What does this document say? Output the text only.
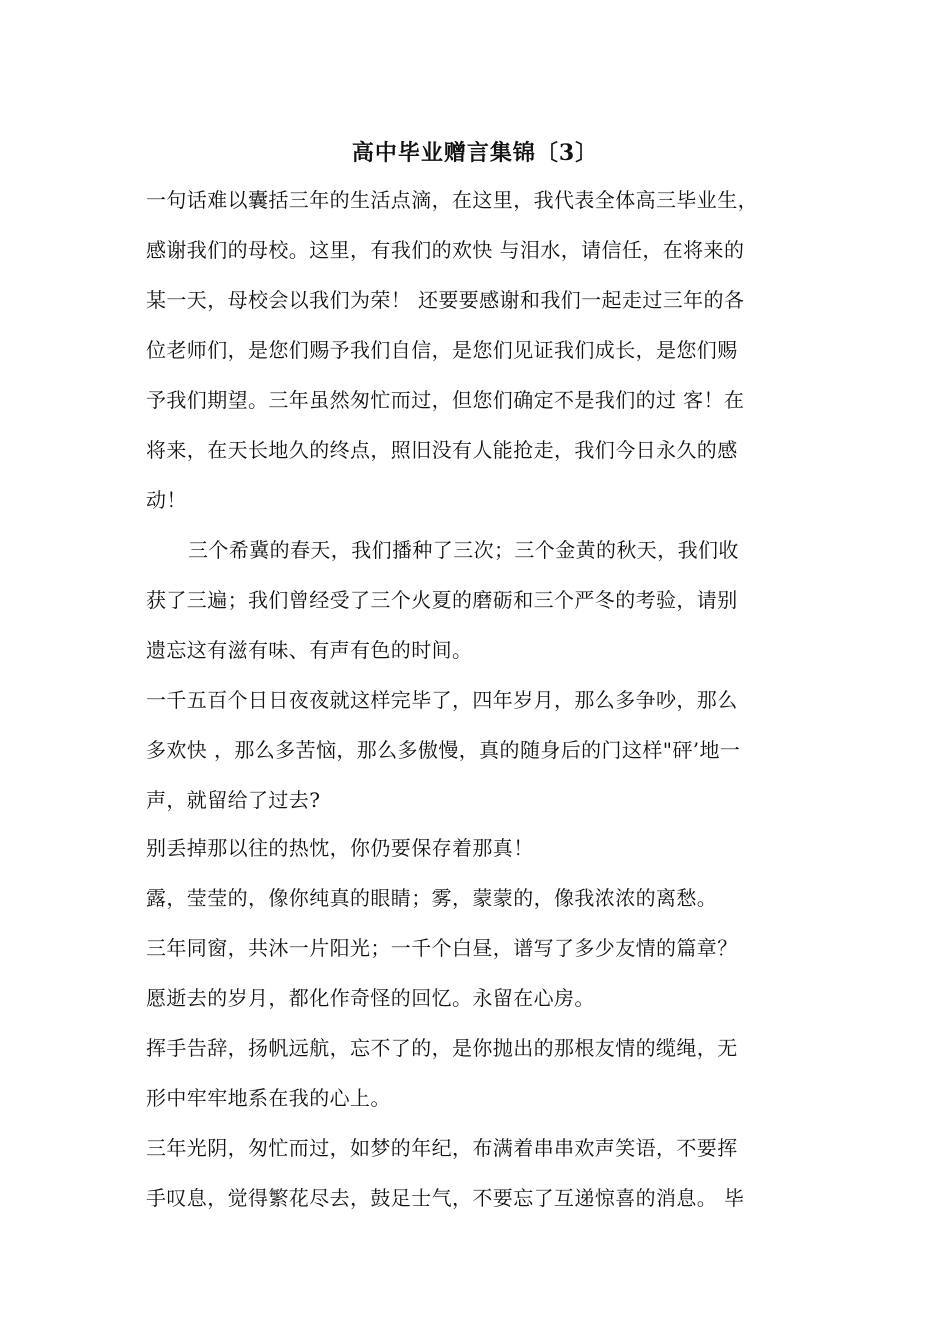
高中毕业赠言集锦〔3〕
一句话难以囊括三年的生活点滴，在这里，我代表全体高三毕业生，
感谢我们的母校。这里，有我们的欢快 与泪水，请信任，在将来的
某一天，母校会以我们为荣！ 还要要感谢和我们一起走过三年的各
位老师们，是您们赐予我们自信，是您们见证我们成长，是您们赐
予我们期望。三年虽然匆忙而过，但您们确定不是我们的过 客！在
将来，在天长地久的终点，照旧没有人能抢走，我们今日永久的感
动！
三个希冀的春天，我们播种了三次；三个金黄的秋天，我们收
获了三遍；我们曾经受了三个火夏的磨砺和三个严冬的考验，请别
遗忘这有滋有味、有声有色的时间。
一千五百个日日夜夜就这样完毕了，四年岁月，那么多争吵，那么
多欢快 ，那么多苦恼，那么多傲慢，真的随身后的门这样"砰’地一
声，就留给了过去?
别丢掉那以往的热忱，你仍要保存着那真！
露，莹莹的，像你纯真的眼睛；雾，蒙蒙的，像我浓浓的离愁。
三年同窗，共沐一片阳光；一千个白昼，谱写了多少友情的篇章？
愿逝去的岁月，都化作奇怪的回忆。永留在心房。
挥手告辞，扬帆远航，忘不了的，是你抛出的那根友情的缆绳，无
形中牢牢地系在我的心上。
三年光阴，匆忙而过，如梦的年纪，布满着串串欢声笑语，不要挥
手叹息，觉得繁花尽去，鼓足士气，不要忘了互递惊喜的消息。 毕
